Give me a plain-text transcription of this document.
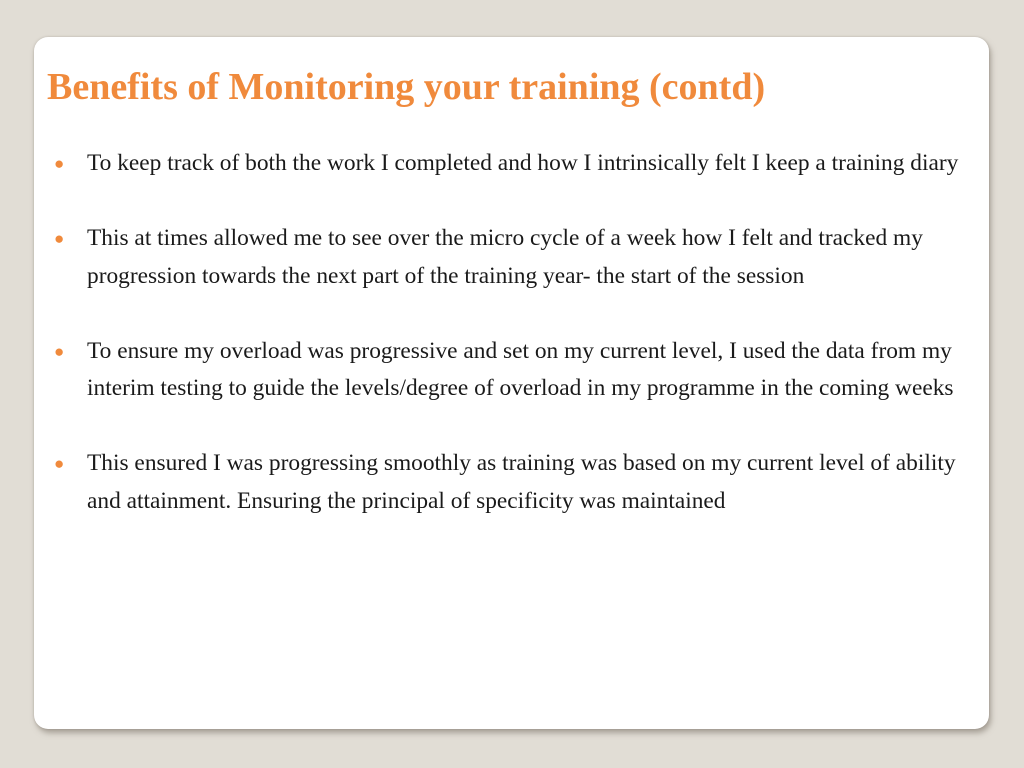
Benefits of Monitoring your training (contd)
● To keep track of both the work I completed and how I intrinsically felt I keep a training diary
● This at times allowed me to see over the micro cycle of a week how I felt and tracked my progression towards the next part of the training year- the start of the session
● To ensure my overload was progressive and set on my current level, I used the data from my interim testing to guide the levels/degree of overload in my programme in the coming weeks
● This ensured I was progressing smoothly as training was based on my current level of ability and attainment. Ensuring the principal of specificity was maintained
